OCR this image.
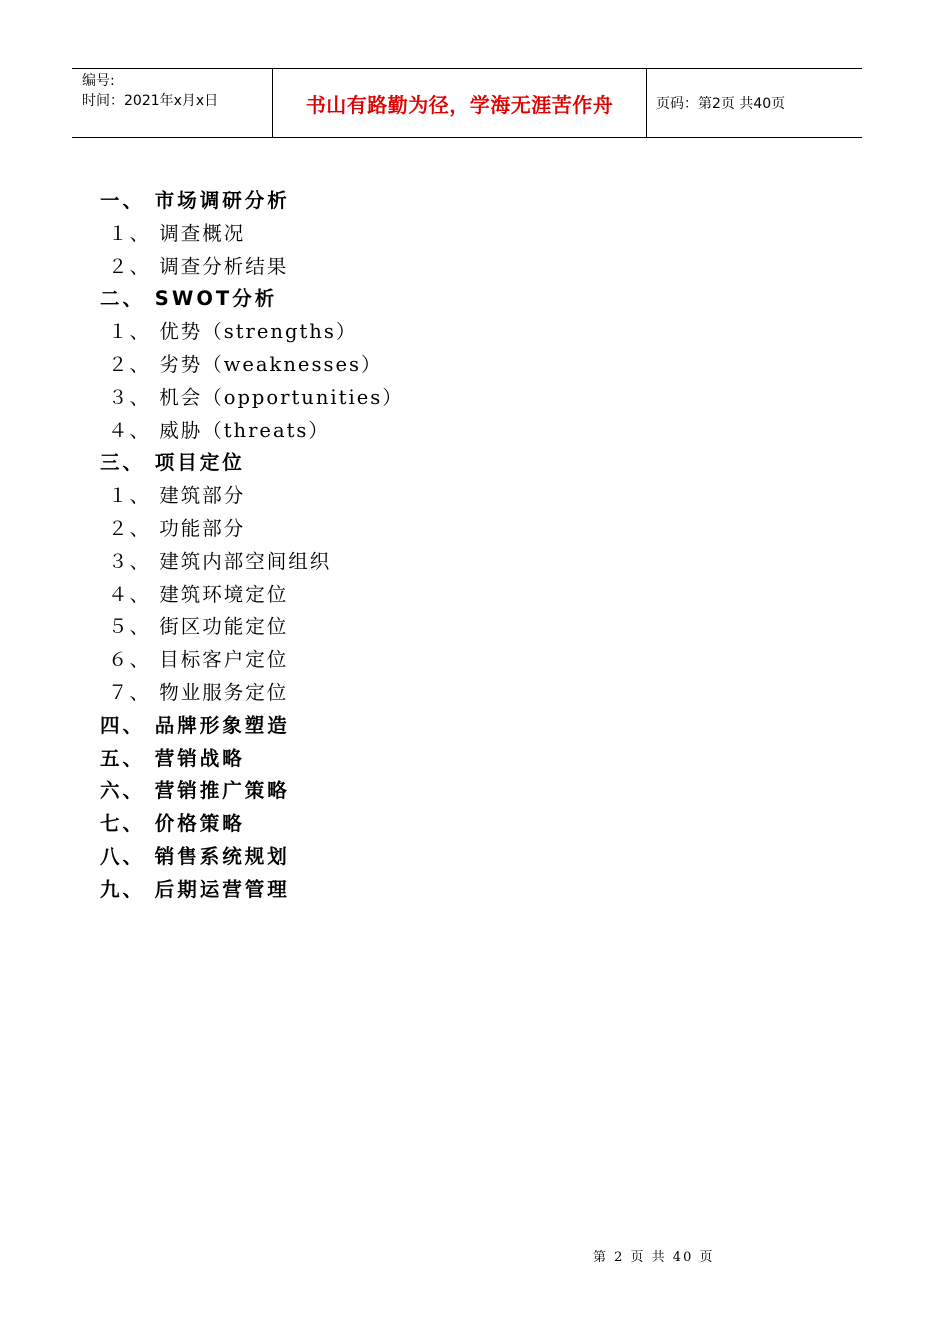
编号:
时间：2021年x月x日	书山有路勤为径，学海无涯苦作舟	页码：第2页 共40页
一、 市场调研分析
１、 调查概况
２、 调查分析结果
二、 SWOT分析
１、 优势（strengths）
２、 劣势（weaknesses）
３、 机会（opportunities）
４、 威胁（threats）
三、 项目定位
１、 建筑部分
２、 功能部分
３、 建筑内部空间组织
４、 建筑环境定位
５、 街区功能定位
６、 目标客户定位
７、 物业服务定位
四、 品牌形象塑造
五、 营销战略
六、 营销推广策略
七、 价格策略
八、 销售系统规划
九、 后期运营管理
第 2 页 共 40 页
